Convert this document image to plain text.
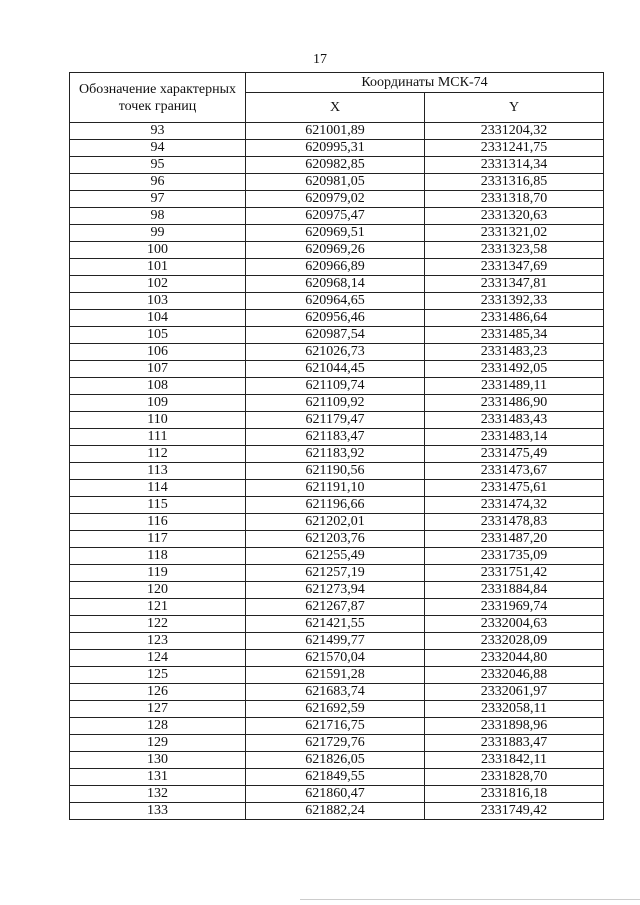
17
Обозначение характерных точек границ	Координаты МСК-74	
	X	Y
93	621001,89	2331204,32
94	620995,31	2331241,75
95	620982,85	2331314,34
96	620981,05	2331316,85
97	620979,02	2331318,70
98	620975,47	2331320,63
99	620969,51	2331321,02
100	620969,26	2331323,58
101	620966,89	2331347,69
102	620968,14	2331347,81
103	620964,65	2331392,33
104	620956,46	2331486,64
105	620987,54	2331485,34
106	621026,73	2331483,23
107	621044,45	2331492,05
108	621109,74	2331489,11
109	621109,92	2331486,90
110	621179,47	2331483,43
111	621183,47	2331483,14
112	621183,92	2331475,49
113	621190,56	2331473,67
114	621191,10	2331475,61
115	621196,66	2331474,32
116	621202,01	2331478,83
117	621203,76	2331487,20
118	621255,49	2331735,09
119	621257,19	2331751,42
120	621273,94	2331884,84
121	621267,87	2331969,74
122	621421,55	2332004,63
123	621499,77	2332028,09
124	621570,04	2332044,80
125	621591,28	2332046,88
126	621683,74	2332061,97
127	621692,59	2332058,11
128	621716,75	2331898,96
129	621729,76	2331883,47
130	621826,05	2331842,11
131	621849,55	2331828,70
132	621860,47	2331816,18
133	621882,24	2331749,42
